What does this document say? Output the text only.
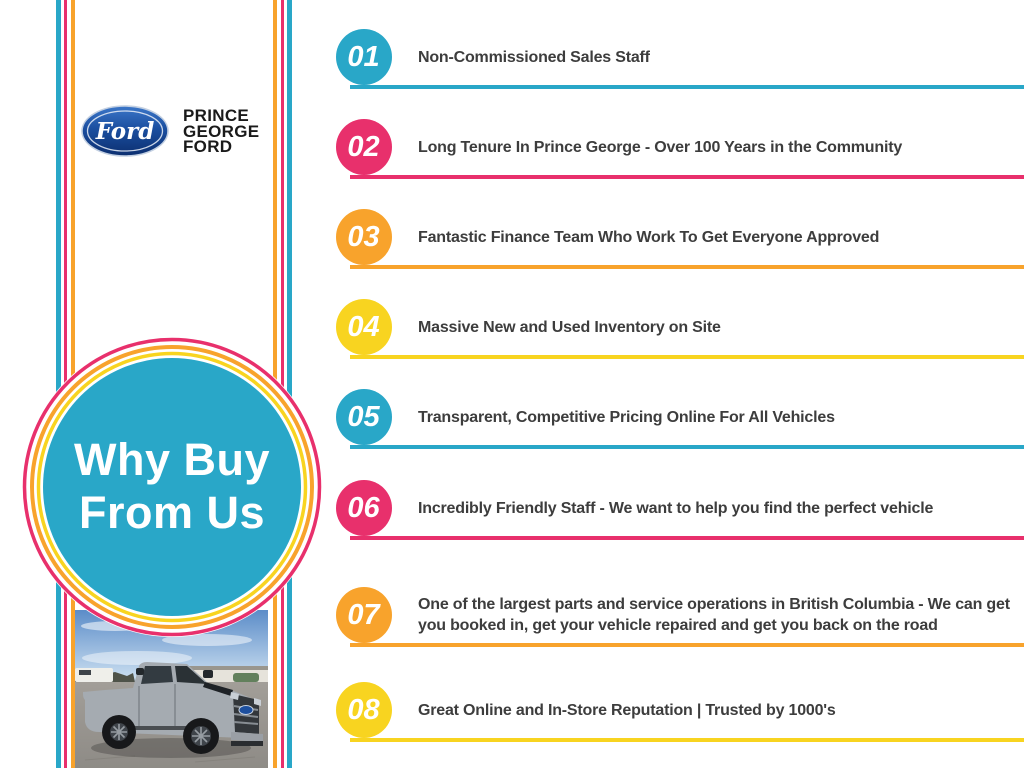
Ford
PRINCE
GEORGE
FORD
Why Buy
From Us
01 Non-Commissioned Sales Staff
02 Long Tenure In Prince George - Over 100 Years in the Community
03 Fantastic Finance Team Who Work To Get Everyone Approved
04 Massive New and Used Inventory on Site
05 Transparent, Competitive Pricing Online For All Vehicles
06 Incredibly Friendly Staff - We want to help you find the perfect vehicle
07 One of the largest parts and service operations in British Columbia - We can get you booked in, get your vehicle repaired and get you back on the road
08 Great Online and In-Store Reputation | Trusted by 1000's
